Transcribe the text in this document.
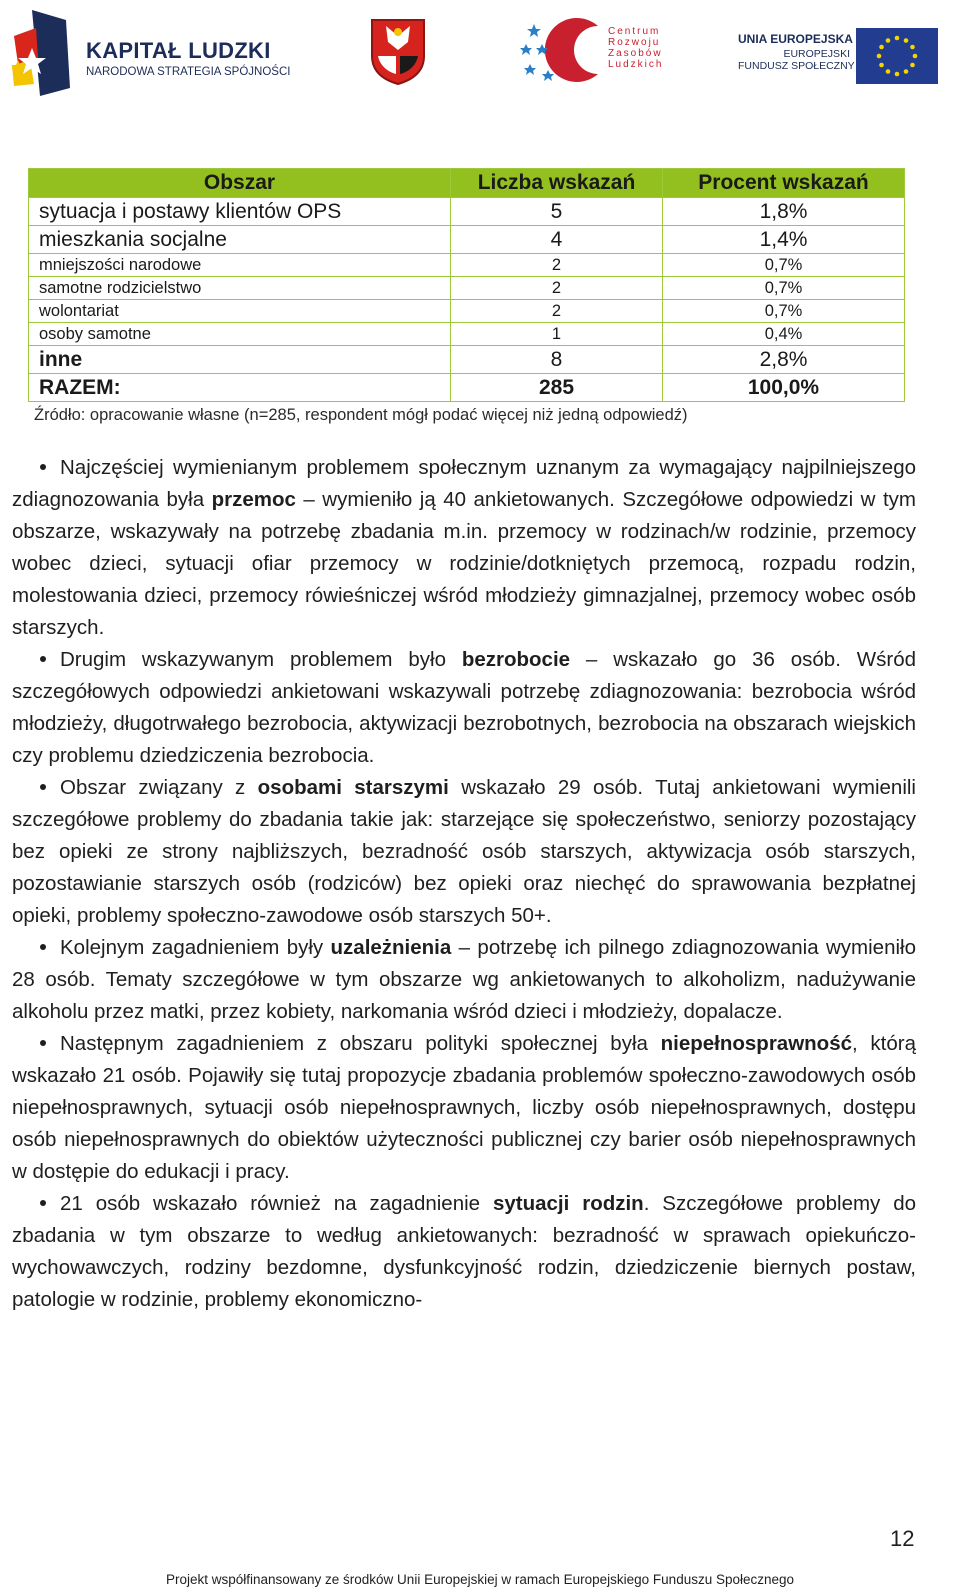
KAPITAŁ LUDZKI
NARODOWA STRATEGIA SPÓJNOŚCI
Centrum
Rozwoju
Zasobów
Ludzkich
UNIA EUROPEJSKA
EUROPEJSKI
FUNDUSZ SPOŁECZNY
Obszar	Liczba wskazań	Procent wskazań
sytuacja i postawy klientów OPS	5	1,8%
mieszkania socjalne	4	1,4%
mniejszości narodowe	2	0,7%
samotne rodzicielstwo	2	0,7%
wolontariat	2	0,7%
osoby samotne	1	0,4%
inne	8	2,8%
RAZEM:	285	100,0%
Źródło: opracowanie własne (n=285, respondent mógł podać więcej niż jedną odpowiedź)

Najczęściej wymienianym problemem społecznym uznanym za wymagający najpilniejszego zdiagnozowania była przemoc – wymieniło ją 40 ankietowanych. Szczegółowe odpowiedzi w tym obszarze, wskazywały na potrzebę zbadania m.in. przemocy w rodzinach/w rodzinie, przemocy wobec dzieci, sytuacji ofiar przemocy w rodzinie/dotkniętych przemocą, rozpadu rodzin, molestowania dzieci, przemocy rówieśniczej wśród młodzieży gimnazjalnej, przemocy wobec osób starszych.

Drugim wskazywanym problemem było bezrobocie – wskazało go 36 osób. Wśród szczegółowych odpowiedzi ankietowani wskazywali potrzebę zdiagnozowania: bezrobocia wśród młodzieży, długotrwałego bezrobocia, aktywizacji bezrobotnych, bezrobocia na obszarach wiejskich czy problemu dziedziczenia bezrobocia.

Obszar związany z osobami starszymi wskazało 29 osób. Tutaj ankietowani wymienili szczegółowe problemy do zbadania takie jak: starzejące się społeczeństwo, seniorzy pozostający bez opieki ze strony najbliższych, bezradność osób starszych, aktywizacja osób starszych, pozostawianie starszych osób (rodziców) bez opieki oraz niechęć do sprawowania bezpłatnej opieki, problemy społeczno-zawodowe osób starszych 50+.

Kolejnym zagadnieniem były uzależnienia – potrzebę ich pilnego zdiagnozowania wymieniło 28 osób. Tematy szczegółowe w tym obszarze wg ankietowanych to alkoholizm, nadużywanie alkoholu przez matki, przez kobiety, narkomania wśród dzieci i młodzieży, dopalacze.

Następnym zagadnieniem z obszaru polityki społecznej była niepełnosprawność, którą wskazało 21 osób. Pojawiły się tutaj propozycje zbadania problemów społeczno-zawodowych osób niepełnosprawnych, sytuacji osób niepełnosprawnych, liczby osób niepełnosprawnych, dostępu osób niepełnosprawnych do obiektów użyteczności publicznej czy barier osób niepełnosprawnych w dostępie do edukacji i pracy.

21 osób wskazało również na zagadnienie sytuacji rodzin. Szczegółowe problemy do zbadania w tym obszarze to według ankietowanych: bezradność w sprawach opiekuńczo-wychowawczych, rodziny bezdomne, dysfunkcyjność rodzin, dziedziczenie biernych postaw, patologie w rodzinie, problemy ekonomiczno-

12
Projekt współfinansowany ze środków Unii Europejskiej w ramach Europejskiego Funduszu Społecznego
